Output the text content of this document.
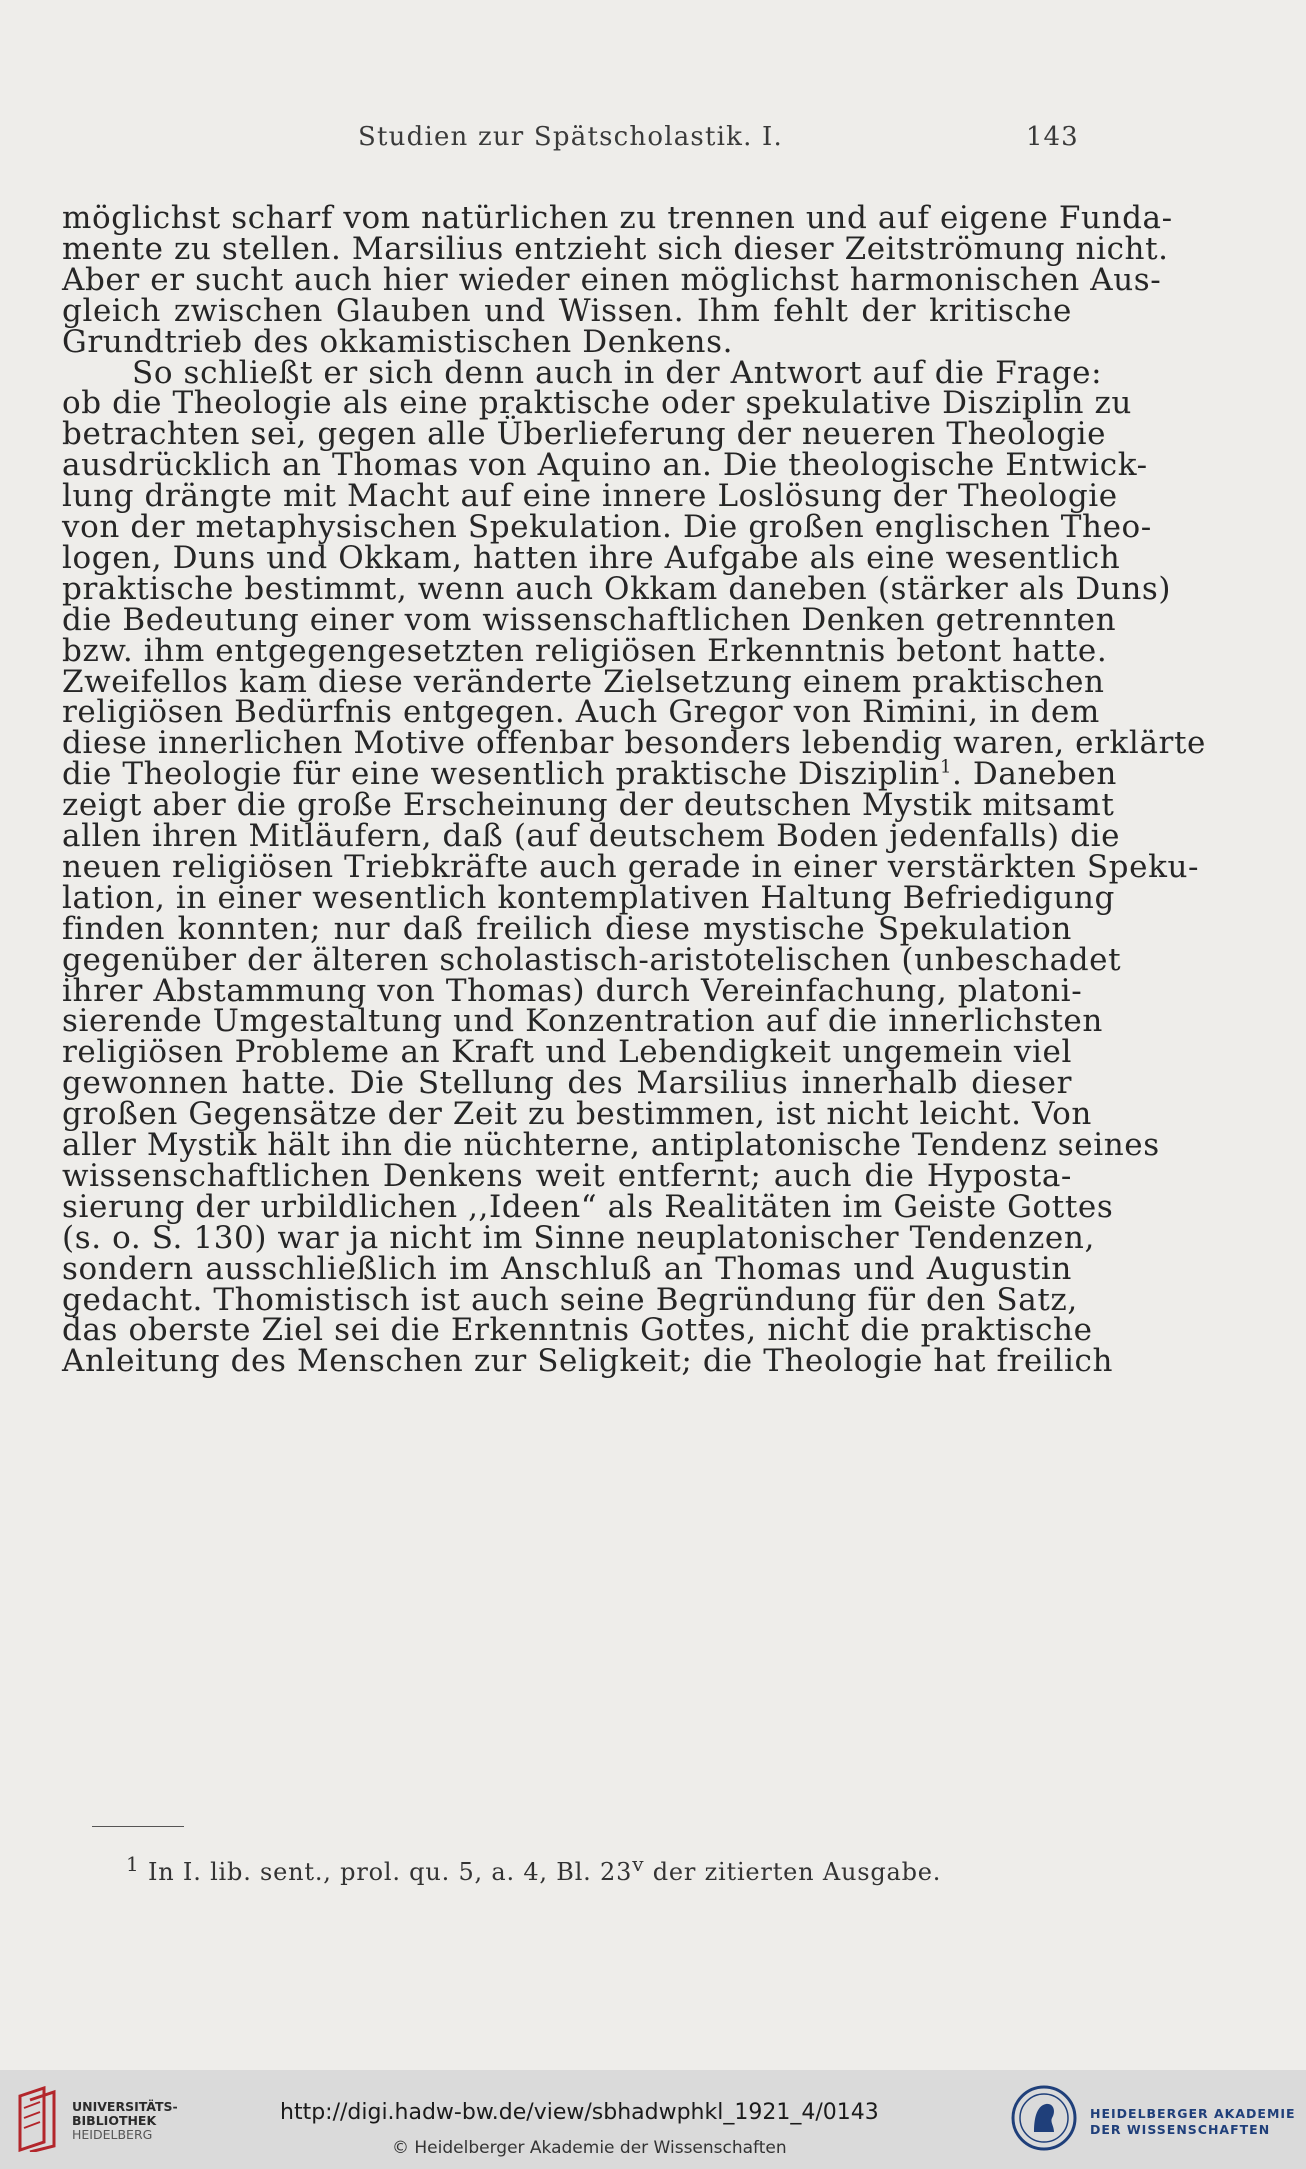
Studien zur Spätscholastik. I.	143
möglichst scharf vom natürlichen zu trennen und auf eigene Funda-
mente zu stellen. Marsilius entzieht sich dieser Zeitströmung nicht.
Aber er sucht auch hier wieder einen möglichst harmonischen Aus-
gleich zwischen Glauben und Wissen. Ihm fehlt der kritische
Grundtrieb des okkamistischen Denkens.
So schließt er sich denn auch in der Antwort auf die Frage:
ob die Theologie als eine praktische oder spekulative Disziplin zu
betrachten sei, gegen alle Überlieferung der neueren Theologie
ausdrücklich an Thomas von Aquino an. Die theologische Entwick-
lung drängte mit Macht auf eine innere Loslösung der Theologie
von der metaphysischen Spekulation. Die großen englischen Theo-
logen, Duns und Okkam, hatten ihre Aufgabe als eine wesentlich
praktische bestimmt, wenn auch Okkam daneben (stärker als Duns)
die Bedeutung einer vom wissenschaftlichen Denken getrennten
bzw. ihm entgegengesetzten religiösen Erkenntnis betont hatte.
Zweifellos kam diese veränderte Zielsetzung einem praktischen
religiösen Bedürfnis entgegen. Auch Gregor von Rimini, in dem
diese innerlichen Motive offenbar besonders lebendig waren, erklärte
die Theologie für eine wesentlich praktische Disziplin$^1$. Daneben
zeigt aber die große Erscheinung der deutschen Mystik mitsamt
allen ihren Mitläufern, daß (auf deutschem Boden jedenfalls) die
neuen religiösen Triebkräfte auch gerade in einer verstärkten Speku-
lation, in einer wesentlich kontemplativen Haltung Befriedigung
finden konnten; nur daß freilich diese mystische Spekulation
gegenüber der älteren scholastisch-aristotelischen (unbeschadet
ihrer Abstammung von Thomas) durch Vereinfachung, platoni-
sierende Umgestaltung und Konzentration auf die innerlichsten
religiösen Probleme an Kraft und Lebendigkeit ungemein viel
gewonnen hatte. Die Stellung des Marsilius innerhalb dieser
großen Gegensätze der Zeit zu bestimmen, ist nicht leicht. Von
aller Mystik hält ihn die nüchterne, antiplatonische Tendenz seines
wissenschaftlichen Denkens weit entfernt; auch die Hyposta-
sierung der urbildlichen ,,Ideen“ als Realitäten im Geiste Gottes
(s. o. S. 130) war ja nicht im Sinne neuplatonischer Tendenzen,
sondern ausschließlich im Anschluß an Thomas und Augustin
gedacht. Thomistisch ist auch seine Begründung für den Satz,
das oberste Ziel sei die Erkenntnis Gottes, nicht die praktische
Anleitung des Menschen zur Seligkeit; die Theologie hat freilich
$^1$ In I. lib. sent., prol. qu. 5, a. 4, Bl. 23$^v$ der zitierten Ausgabe.
UNIVERSITÄTS-
BIBLIOTHEK
HEIDELBERG
http://digi.hadw-bw.de/view/sbhadwphkl_1921_4/0143
© Heidelberger Akademie der Wissenschaften
HEIDELBERGER AKADEMIE
DER WISSENSCHAFTEN
